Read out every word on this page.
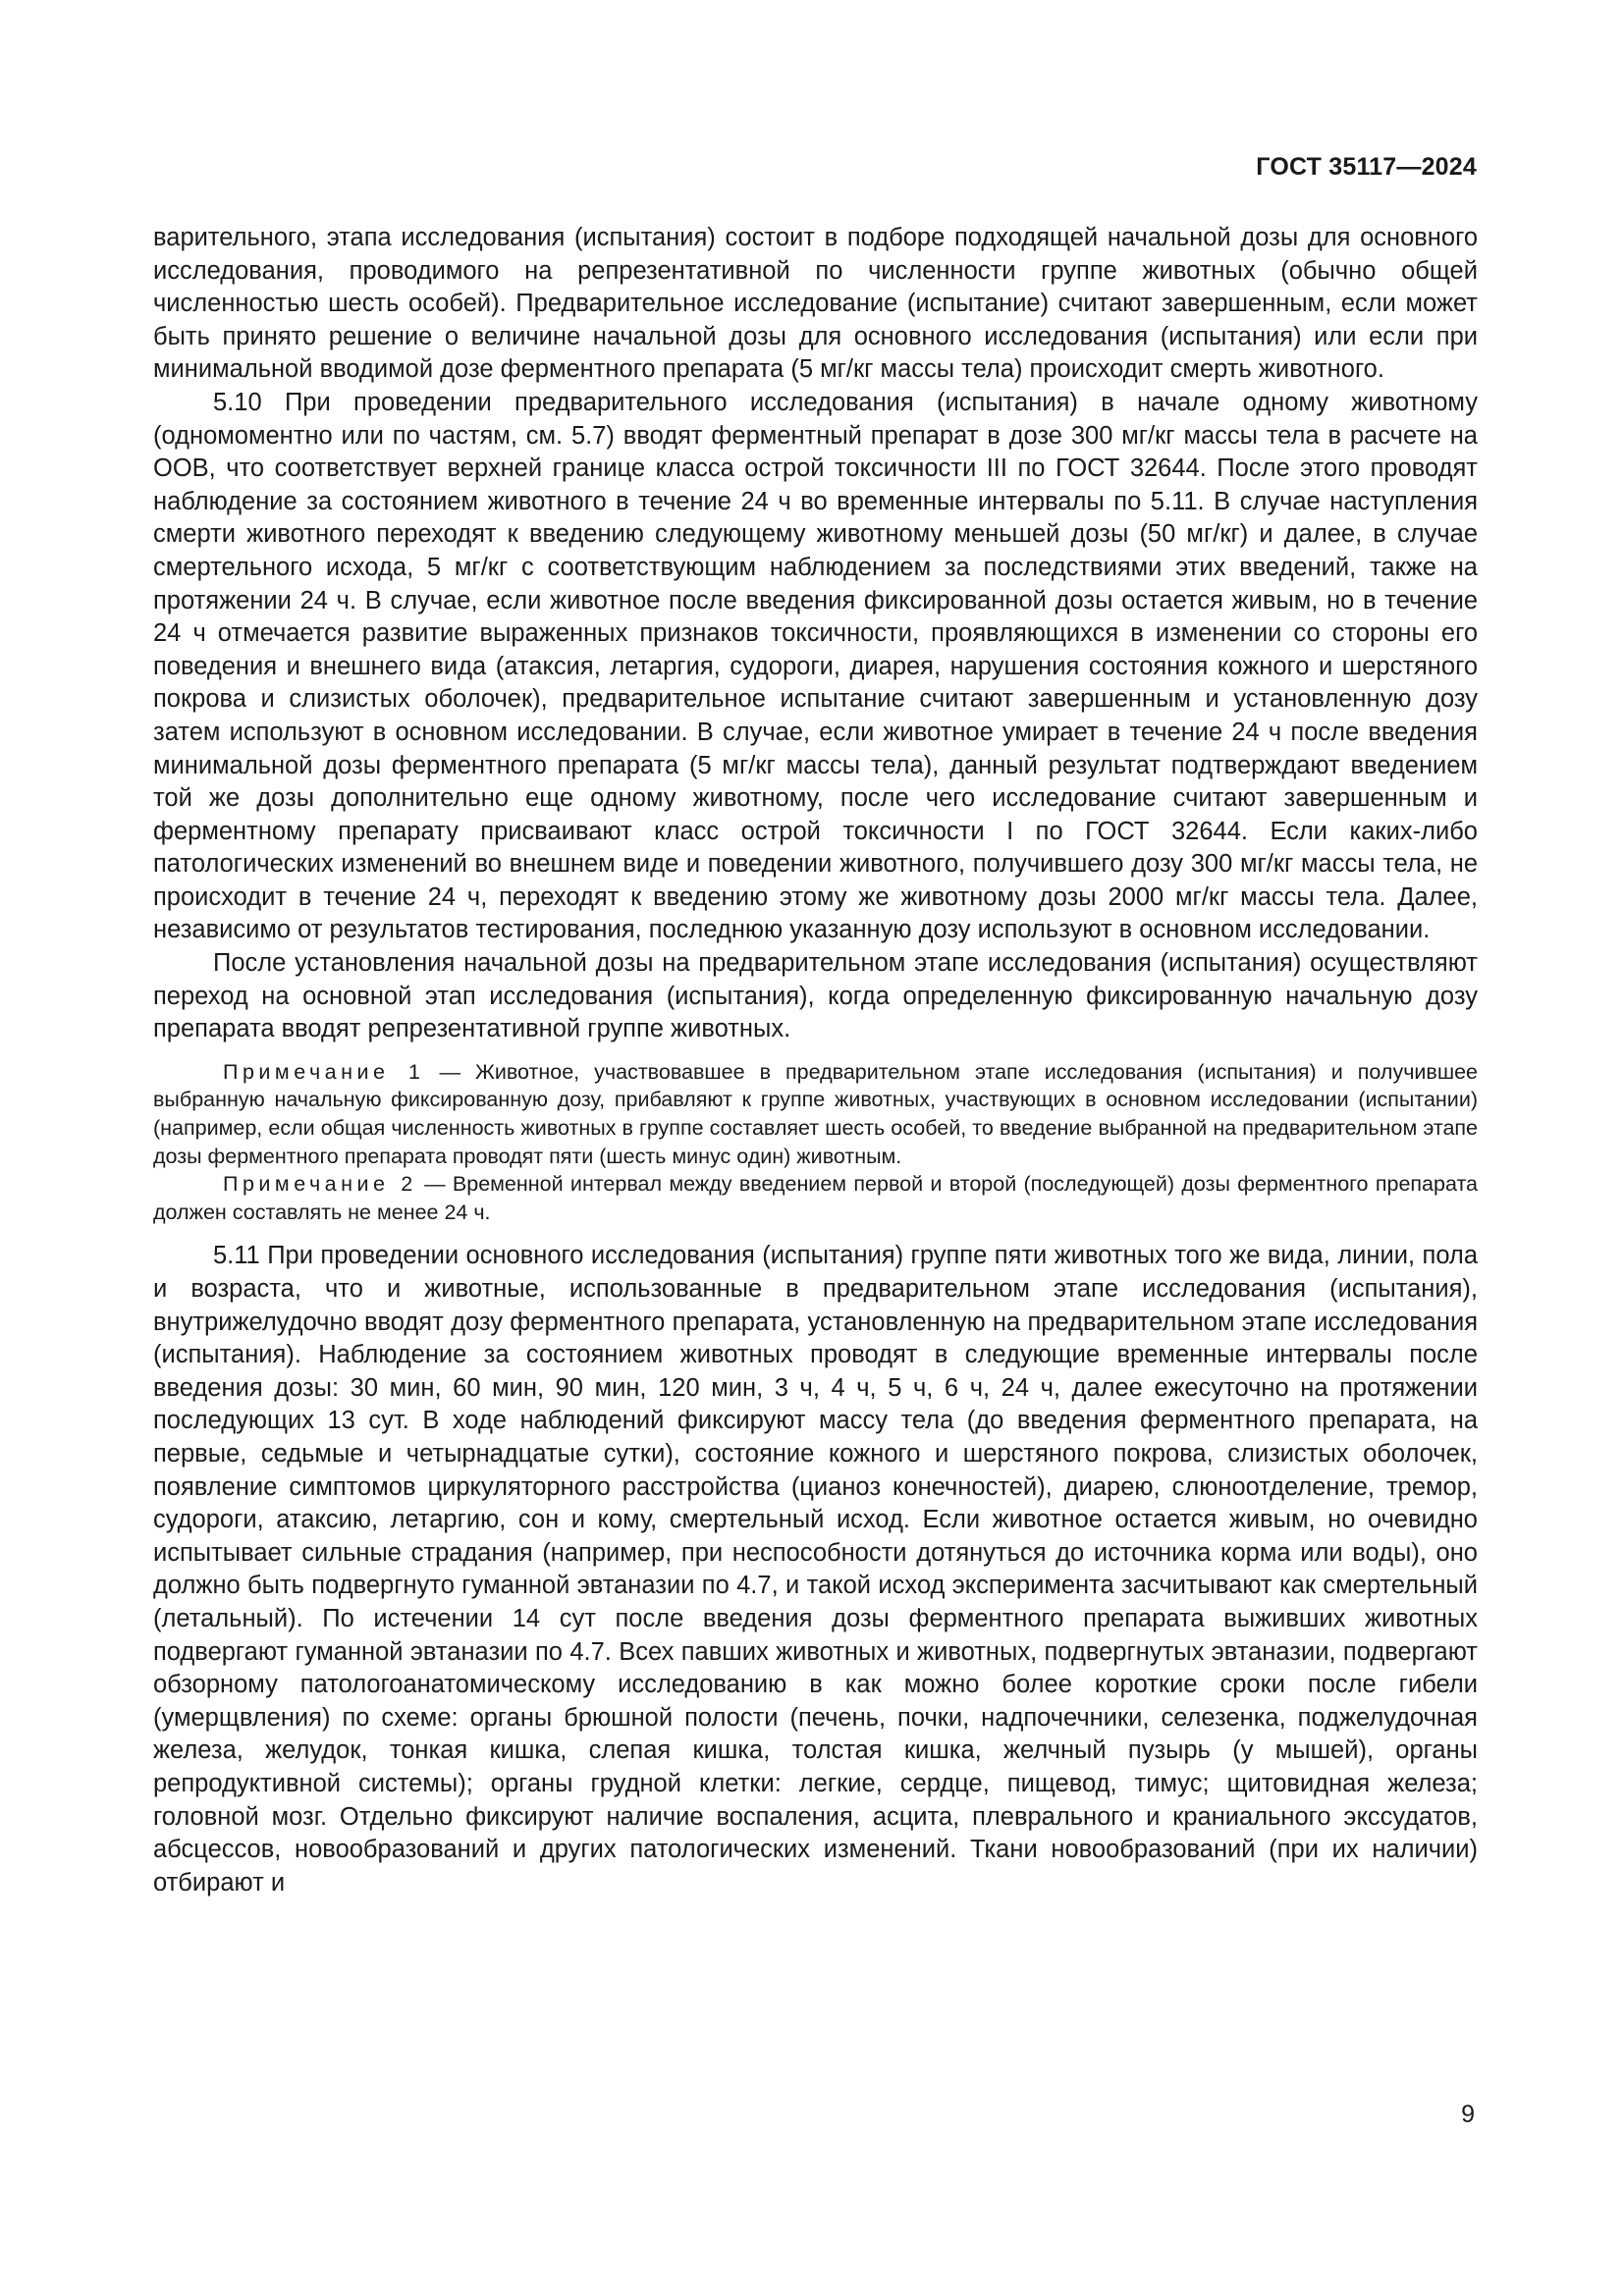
ГОСТ 35117—2024

варительного, этапа исследования (испытания) состоит в подборе подходящей начальной дозы для основного исследования, проводимого на репрезентативной по численности группе животных (обычно общей численностью шесть особей). Предварительное исследование (испытание) считают завершенным, если может быть принято решение о величине начальной дозы для основного исследования (испытания) или если при минимальной вводимой дозе ферментного препарата (5 мг/кг массы тела) происходит смерть животного.

5.10 При проведении предварительного исследования (испытания) в начале одному животному (одномоментно или по частям, см. 5.7) вводят ферментный препарат в дозе 300 мг/кг массы тела в расчете на ООВ, что соответствует верхней границе класса острой токсичности III по ГОСТ 32644. После этого проводят наблюдение за состоянием животного в течение 24 ч во временные интервалы по 5.11. В случае наступления смерти животного переходят к введению следующему животному меньшей дозы (50 мг/кг) и далее, в случае смертельного исхода, 5 мг/кг с соответствующим наблюдением за последствиями этих введений, также на протяжении 24 ч. В случае, если животное после введения фиксированной дозы остается живым, но в течение 24 ч отмечается развитие выраженных признаков токсичности, проявляющихся в изменении со стороны его поведения и внешнего вида (атаксия, летаргия, судороги, диарея, нарушения состояния кожного и шерстяного покрова и слизистых оболочек), предварительное испытание считают завершенным и установленную дозу затем используют в основном исследовании. В случае, если животное умирает в течение 24 ч после введения минимальной дозы ферментного препарата (5 мг/кг массы тела), данный результат подтверждают введением той же дозы дополнительно еще одному животному, после чего исследование считают завершенным и ферментному препарату присваивают класс острой токсичности I по ГОСТ 32644. Если каких-либо патологических изменений во внешнем виде и поведении животного, получившего дозу 300 мг/кг массы тела, не происходит в течение 24 ч, переходят к введению этому же животному дозы 2000 мг/кг массы тела. Далее, независимо от результатов тестирования, последнюю указанную дозу используют в основном исследовании.

После установления начальной дозы на предварительном этапе исследования (испытания) осуществляют переход на основной этап исследования (испытания), когда определенную фиксированную начальную дозу препарата вводят репрезентативной группе животных.

Примечание 1 — Животное, участвовавшее в предварительном этапе исследования (испытания) и получившее выбранную начальную фиксированную дозу, прибавляют к группе животных, участвующих в основном исследовании (испытании) (например, если общая численность животных в группе составляет шесть особей, то введение выбранной на предварительном этапе дозы ферментного препарата проводят пяти (шесть минус один) животным.

Примечание 2 — Временной интервал между введением первой и второй (последующей) дозы ферментного препарата должен составлять не менее 24 ч.

5.11 При проведении основного исследования (испытания) группе пяти животных того же вида, линии, пола и возраста, что и животные, использованные в предварительном этапе исследования (испытания), внутрижелудочно вводят дозу ферментного препарата, установленную на предварительном этапе исследования (испытания). Наблюдение за состоянием животных проводят в следующие временные интервалы после введения дозы: 30 мин, 60 мин, 90 мин, 120 мин, 3 ч, 4 ч, 5 ч, 6 ч, 24 ч, далее ежесуточно на протяжении последующих 13 сут. В ходе наблюдений фиксируют массу тела (до введения ферментного препарата, на первые, седьмые и четырнадцатые сутки), состояние кожного и шерстяного покрова, слизистых оболочек, появление симптомов циркуляторного расстройства (цианоз конечностей), диарею, слюноотделение, тремор, судороги, атаксию, летаргию, сон и кому, смертельный исход. Если животное остается живым, но очевидно испытывает сильные страдания (например, при неспособности дотянуться до источника корма или воды), оно должно быть подвергнуто гуманной эвтаназии по 4.7, и такой исход эксперимента засчитывают как смертельный (летальный). По истечении 14 сут после введения дозы ферментного препарата выживших животных подвергают гуманной эвтаназии по 4.7. Всех павших животных и животных, подвергнутых эвтаназии, подвергают обзорному патологоанатомическому исследованию в как можно более короткие сроки после гибели (умерщвления) по схеме: органы брюшной полости (печень, почки, надпочечники, селезенка, поджелудочная железа, желудок, тонкая кишка, слепая кишка, толстая кишка, желчный пузырь (у мышей), органы репродуктивной системы); органы грудной клетки: легкие, сердце, пищевод, тимус; щитовидная железа; головной мозг. Отдельно фиксируют наличие воспаления, асцита, плеврального и краниального экссудатов, абсцессов, новообразований и других патологических изменений. Ткани новообразований (при их наличии) отбирают и

9
